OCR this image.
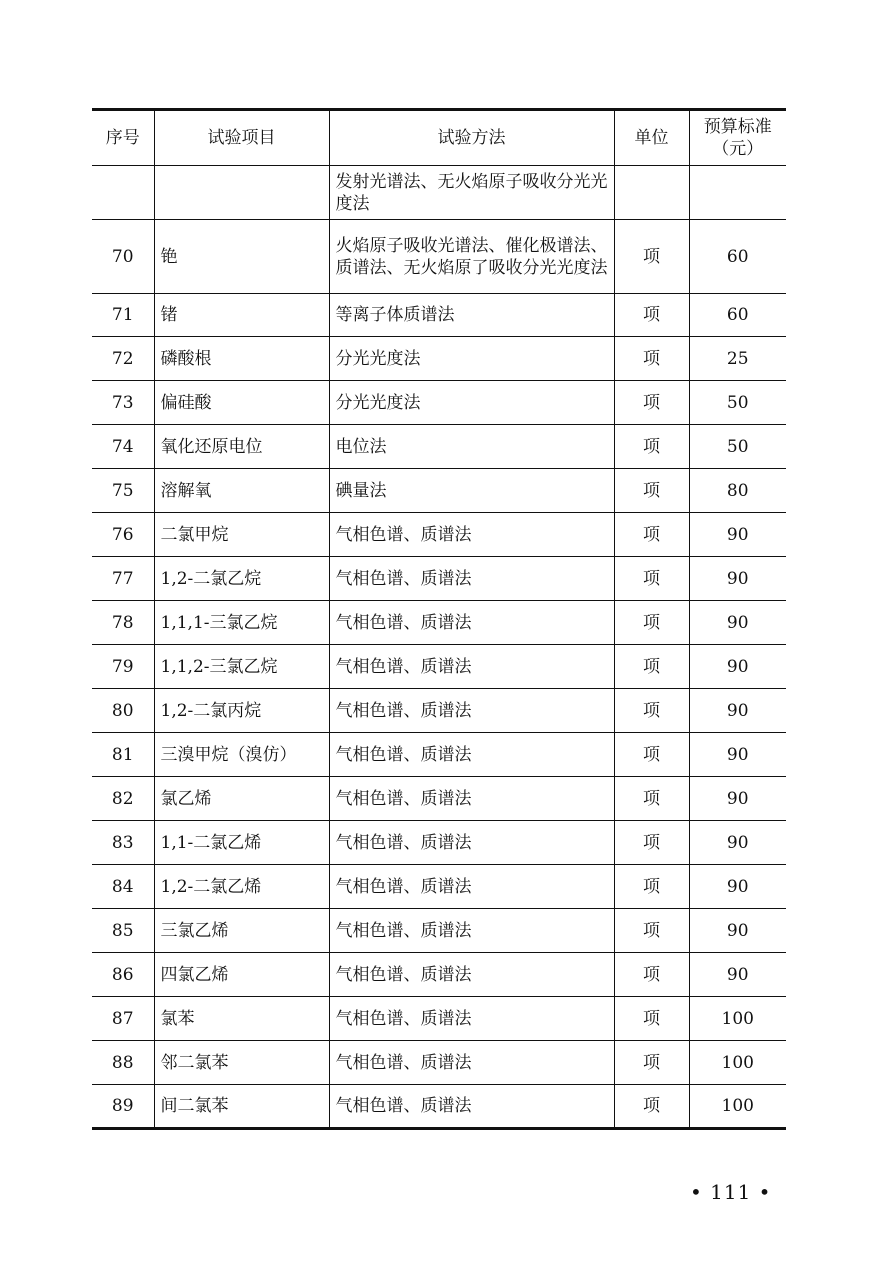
序号	试验项目	试验方法	单位	预算标准
（元）
		发射光谱法、无火焰原子吸收分光光度法		
70	铯	火焰原子吸收光谱法、催化极谱法、质谱法、无火焰原了吸收分光光度法	项	60
71	锗	等离子体质谱法	项	60
72	磷酸根	分光光度法	项	25
73	偏硅酸	分光光度法	项	50
74	氧化还原电位	电位法	项	50
75	溶解氧	碘量法	项	80
76	二氯甲烷	气相色谱、质谱法	项	90
77	1,2-二氯乙烷	气相色谱、质谱法	项	90
78	1,1,1-三氯乙烷	气相色谱、质谱法	项	90
79	1,1,2-三氯乙烷	气相色谱、质谱法	项	90
80	1,2-二氯丙烷	气相色谱、质谱法	项	90
81	三溴甲烷（溴仿）	气相色谱、质谱法	项	90
82	氯乙烯	气相色谱、质谱法	项	90
83	1,1-二氯乙烯	气相色谱、质谱法	项	90
84	1,2-二氯乙烯	气相色谱、质谱法	项	90
85	三氯乙烯	气相色谱、质谱法	项	90
86	四氯乙烯	气相色谱、质谱法	项	90
87	氯苯	气相色谱、质谱法	项	100
88	邻二氯苯	气相色谱、质谱法	项	100
89	间二氯苯	气相色谱、质谱法	项	100
• 111 •
